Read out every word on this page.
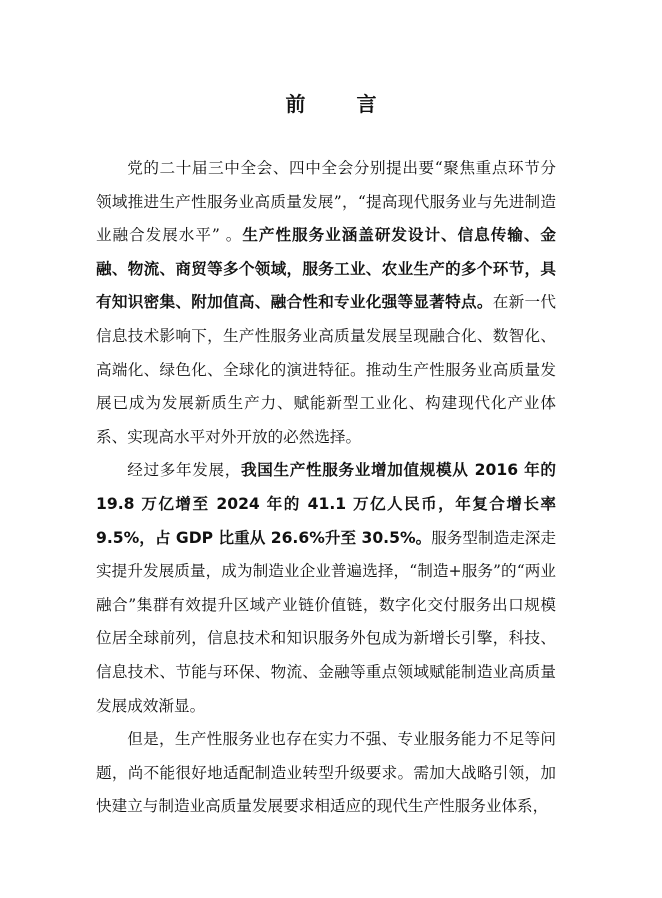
前 言

党的二十届三中全会、四中全会分别提出要“聚焦重点环节分领域推进生产性服务业高质量发展”，“提高现代服务业与先进制造业融合发展水平” 。生产性服务业涵盖研发设计、信息传输、金融、物流、商贸等多个领域，服务工业、农业生产的多个环节，具有知识密集、附加值高、融合性和专业化强等显著特点。在新一代信息技术影响下，生产性服务业高质量发展呈现融合化、数智化、高端化、绿色化、全球化的演进特征。推动生产性服务业高质量发展已成为发展新质生产力、赋能新型工业化、构建现代化产业体系、实现高水平对外开放的必然选择。

经过多年发展，我国生产性服务业增加值规模从 2016 年的 19.8 万亿增至 2024 年的 41.1 万亿人民币，年复合增长率 9.5%，占 GDP 比重从 26.6%升至 30.5%。服务型制造走深走实提升发展质量，成为制造业企业普遍选择，“制造+服务”的“两业融合”集群有效提升区域产业链价值链，数字化交付服务出口规模位居全球前列，信息技术和知识服务外包成为新增长引擎，科技、信息技术、节能与环保、物流、金融等重点领域赋能制造业高质量发展成效渐显。

但是，生产性服务业也存在实力不强、专业服务能力不足等问题，尚不能很好地适配制造业转型升级要求。需加大战略引领，加快建立与制造业高质量发展要求相适应的现代生产性服务业体系，
